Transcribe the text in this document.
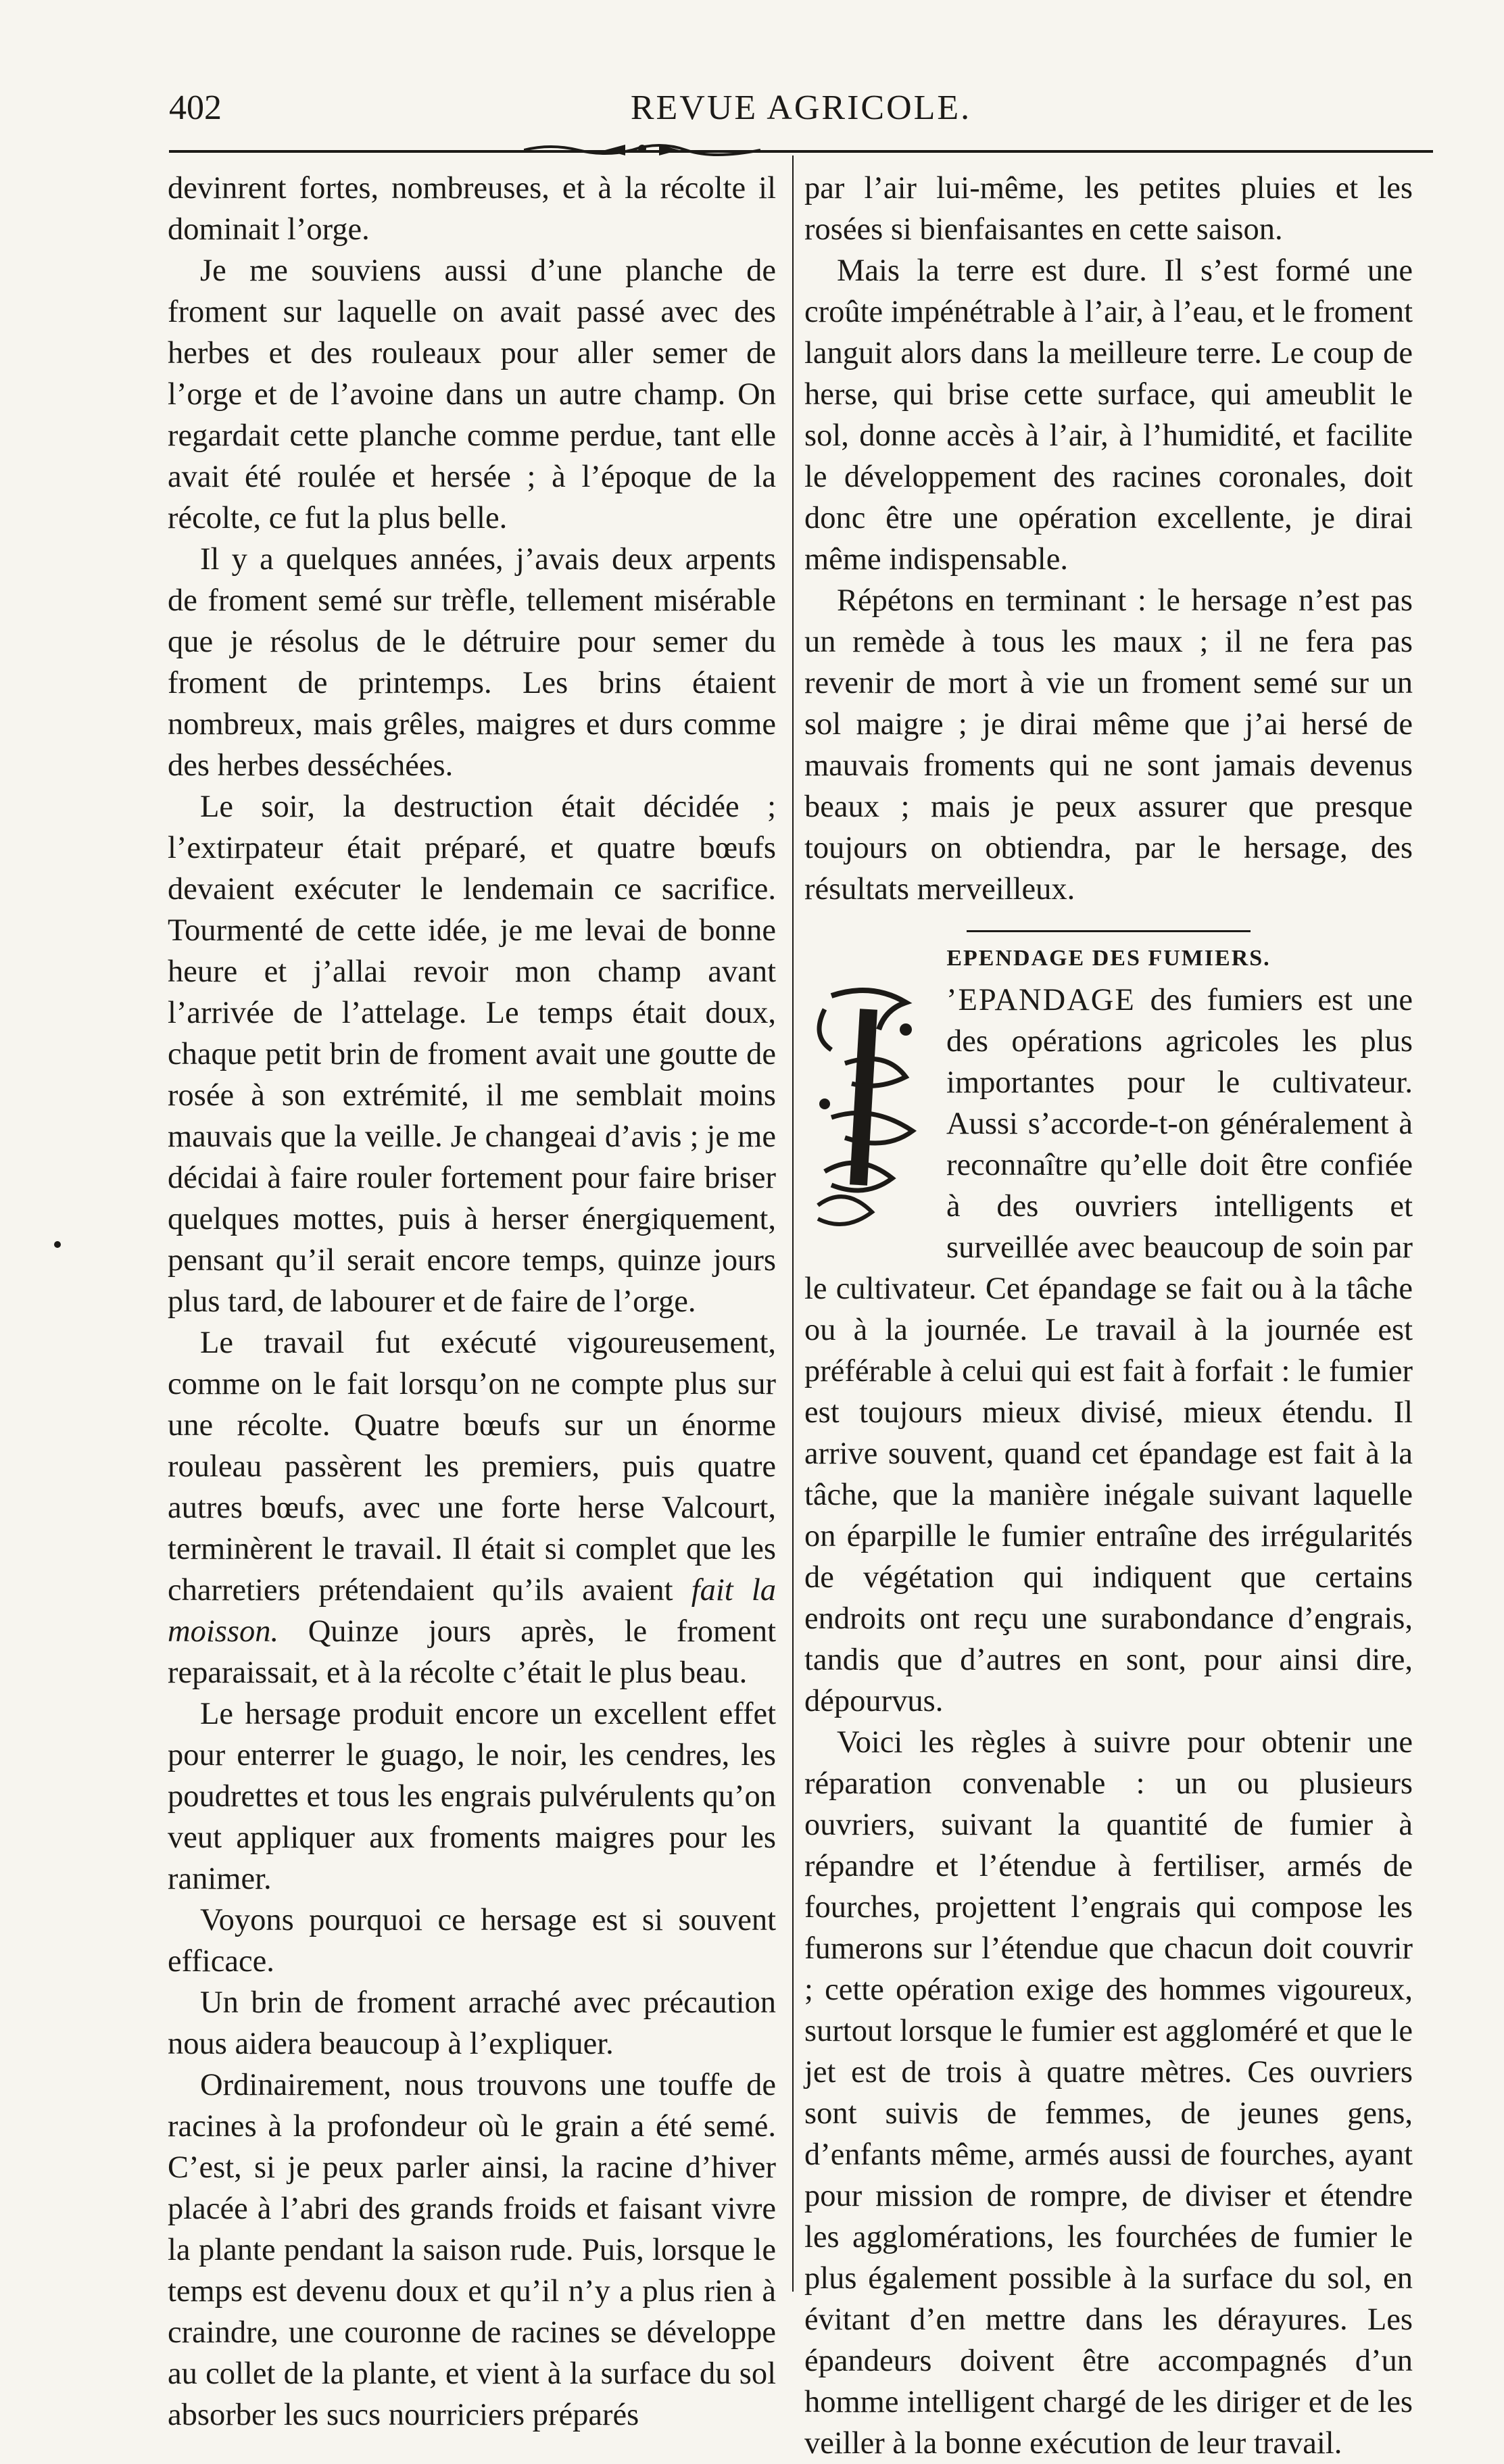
402	REVUE AGRICOLE.

devinrent fortes, nombreuses, et à la récolte il dominait l’orge.

Je me souviens aussi d’une planche de froment sur laquelle on avait passé avec des herbes et des rouleaux pour aller semer de l’orge et de l’avoine dans un autre champ. On regardait cette planche comme perdue, tant elle avait été roulée et hersée ; à l’époque de la récolte, ce fut la plus belle.

Il y a quelques années, j’avais deux arpents de froment semé sur trèfle, tellement misérable que je résolus de le détruire pour semer du froment de printemps. Les brins étaient nombreux, mais grêles, maigres et durs comme des herbes desséchées.

Le soir, la destruction était décidée ; l’extirpateur était préparé, et quatre bœufs devaient exécuter le lendemain ce sacrifice. Tourmenté de cette idée, je me levai de bonne heure et j’allai revoir mon champ avant l’arrivée de l’attelage. Le temps était doux, chaque petit brin de froment avait une goutte de rosée à son extrémité, il me semblait moins mauvais que la veille. Je changeai d’avis ; je me décidai à faire rouler fortement pour faire briser quelques mottes, puis à herser énergiquement, pensant qu’il serait encore temps, quinze jours plus tard, de labourer et de faire de l’orge.

Le travail fut exécuté vigoureusement, comme on le fait lorsqu’on ne compte plus sur une récolte. Quatre bœufs sur un énorme rouleau passèrent les premiers, puis quatre autres bœufs, avec une forte herse Valcourt, terminèrent le travail. Il était si complet que les charretiers prétendaient qu’ils avaient fait la moisson. Quinze jours après, le froment reparaissait, et à la récolte c’était le plus beau.

Le hersage produit encore un excellent effet pour enterrer le guago, le noir, les cendres, les poudrettes et tous les engrais pulvérulents qu’on veut appliquer aux froments maigres pour les ranimer.

Voyons pourquoi ce hersage est si souvent efficace.

Un brin de froment arraché avec précaution nous aidera beaucoup à l’expliquer.

Ordinairement, nous trouvons une touffe de racines à la profondeur où le grain a été semé. C’est, si je peux parler ainsi, la racine d’hiver placée à l’abri des grands froids et faisant vivre la plante pendant la saison rude. Puis, lorsque le temps est devenu doux et qu’il n’y a plus rien à craindre, une couronne de racines se développe au collet de la plante, et vient à la surface du sol absorber les sucs nourriciers préparés

par l’air lui-même, les petites pluies et les rosées si bienfaisantes en cette saison.

Mais la terre est dure. Il s’est formé une croûte impénétrable à l’air, à l’eau, et le froment languit alors dans la meilleure terre. Le coup de herse, qui brise cette surface, qui ameublit le sol, donne accès à l’air, à l’humidité, et facilite le développement des racines coronales, doit donc être une opération excellente, je dirai même indispensable.

Répétons en terminant : le hersage n’est pas un remède à tous les maux ; il ne fera pas revenir de mort à vie un froment semé sur un sol maigre ; je dirai même que j’ai hersé de mauvais froments qui ne sont jamais devenus beaux ; mais je peux assurer que presque toujours on obtiendra, par le hersage, des résultats merveilleux.

EPENDAGE DES FUMIERS.

’EPANDAGE des fumiers est une des opérations agricoles les plus importantes pour le cultivateur. Aussi s’accorde-t-on généralement à reconnaître qu’elle doit être confiée à des ouvriers intelligents et surveillée avec beaucoup de soin par le cultivateur. Cet épandage se fait ou à la tâche ou à la journée. Le travail à la journée est préférable à celui qui est fait à forfait : le fumier est toujours mieux divisé, mieux étendu. Il arrive souvent, quand cet épandage est fait à la tâche, que la manière inégale suivant laquelle on éparpille le fumier entraîne des irrégularités de végétation qui indiquent que certains endroits ont reçu une surabondance d’engrais, tandis que d’autres en sont, pour ainsi dire, dépourvus.

Voici les règles à suivre pour obtenir une réparation convenable : un ou plusieurs ouvriers, suivant la quantité de fumier à répandre et l’étendue à fertiliser, armés de fourches, projettent l’engrais qui compose les fumerons sur l’étendue que chacun doit couvrir ; cette opération exige des hommes vigoureux, surtout lorsque le fumier est aggloméré et que le jet est de trois à quatre mètres. Ces ouvriers sont suivis de femmes, de jeunes gens, d’enfants même, armés aussi de fourches, ayant pour mission de rompre, de diviser et étendre les agglomérations, les fourchées de fumier le plus également possible à la surface du sol, en évitant d’en mettre dans les dérayures. Les épandeurs doivent être accompagnés d’un homme intelligent chargé de les diriger et de les veiller à la bonne exécution de leur travail.
